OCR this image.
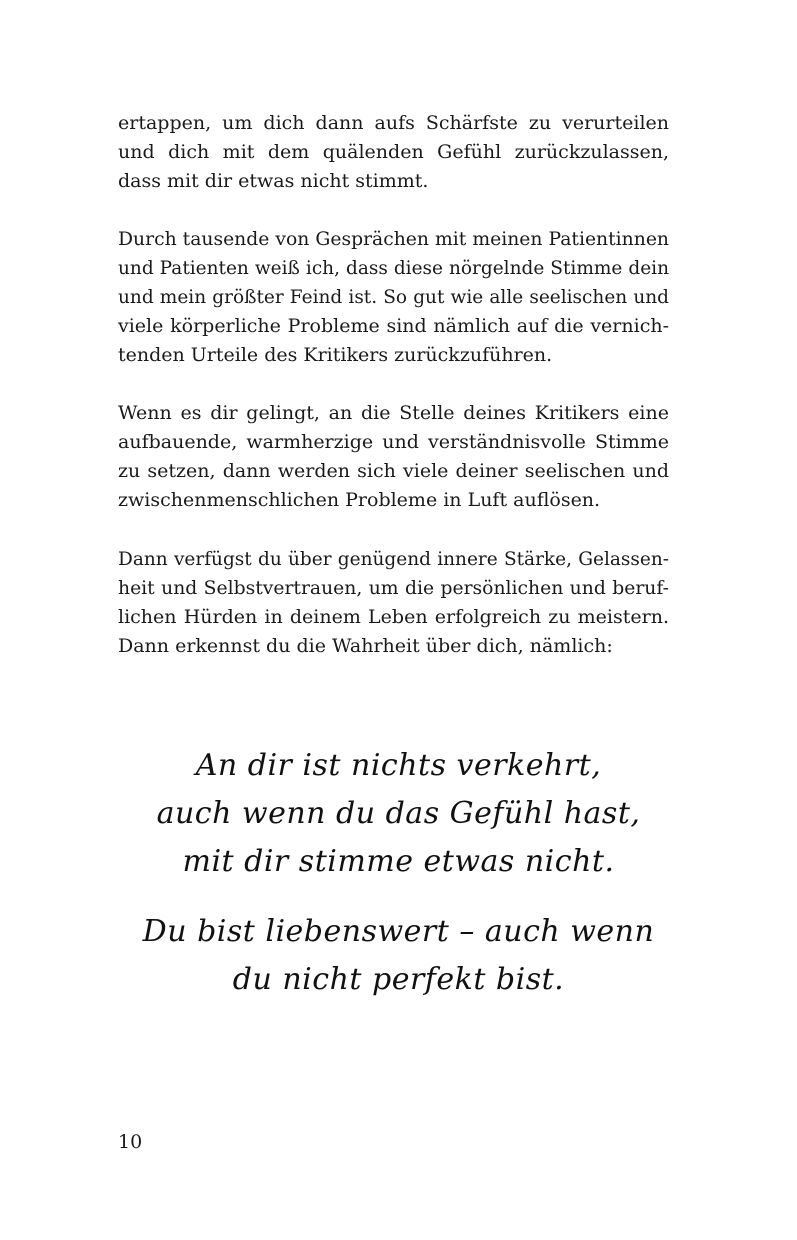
ertappen, um dich dann aufs Schärfste zu verurteilen
und dich mit dem quälenden Gefühl zurückzulassen,
dass mit dir etwas nicht stimmt.
Durch tausende von Gesprächen mit meinen Patientinnen
und Patienten weiß ich, dass diese nörgelnde Stimme dein
und mein größter Feind ist. So gut wie alle seelischen und
viele körperliche Probleme sind nämlich auf die vernich-
tenden Urteile des Kritikers zurückzuführen.
Wenn es dir gelingt, an die Stelle deines Kritikers eine
aufbauende, warmherzige und verständnisvolle Stimme
zu setzen, dann werden sich viele deiner seelischen und
zwischenmenschlichen Probleme in Luft auflösen.
Dann verfügst du über genügend innere Stärke, Gelassen-
heit und Selbstvertrauen, um die persönlichen und beruf-
lichen Hürden in deinem Leben erfolgreich zu meistern.
Dann erkennst du die Wahrheit über dich, nämlich:
An dir ist nichts verkehrt,
auch wenn du das Gefühl hast,
mit dir stimme etwas nicht.
Du bist liebenswert – auch wenn
du nicht perfekt bist.
10
